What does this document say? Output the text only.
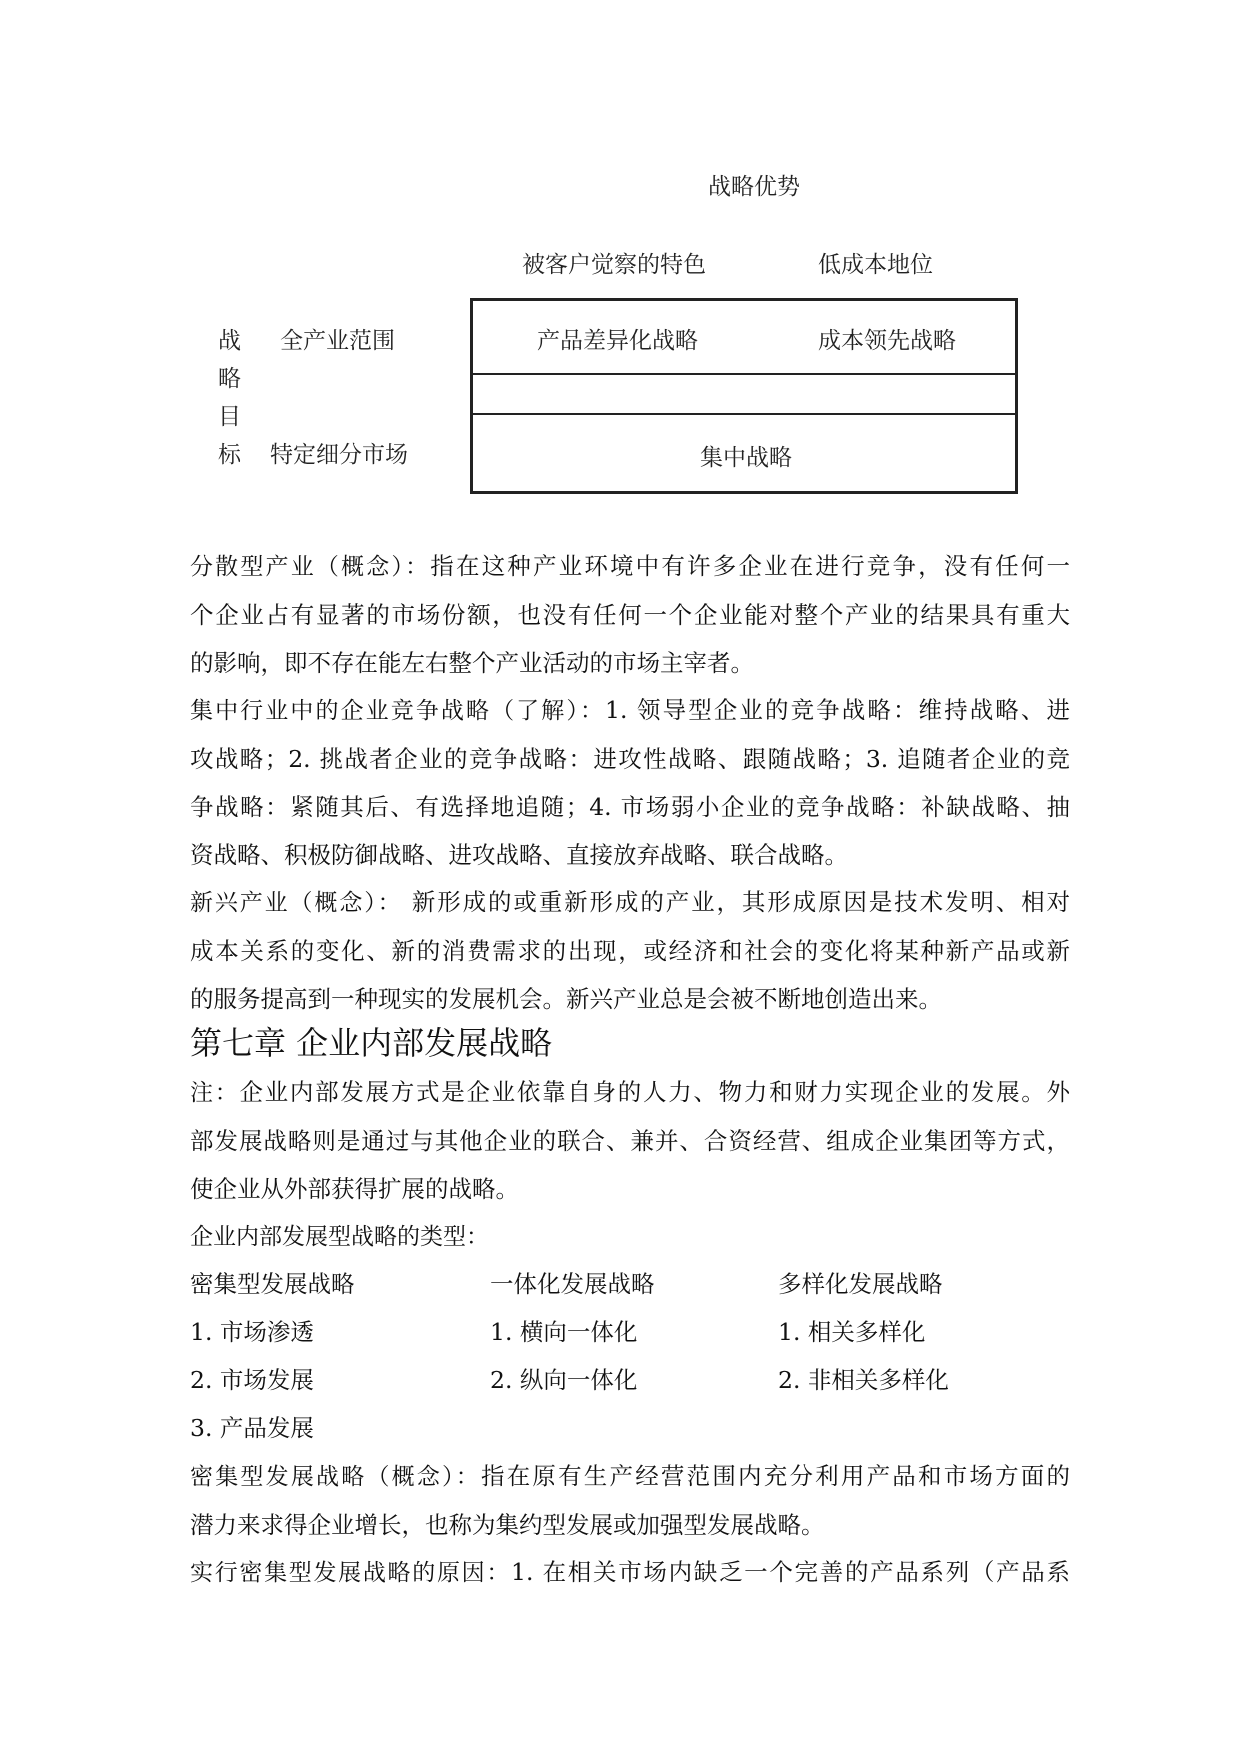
战略优势
被客户觉察的特色	低成本地位
战
略
目
标
全产业范围
特定细分市场
产品差异化战略	成本领先战略
集中战略
分散型产业（概念）：指在这种产业环境中有许多企业在进行竞争，没有任何一
个企业占有显著的市场份额，也没有任何一个企业能对整个产业的结果具有重大
的影响，即不存在能左右整个产业活动的市场主宰者。
集中行业中的企业竞争战略（了解）：1. 领导型企业的竞争战略：维持战略、进
攻战略；2. 挑战者企业的竞争战略：进攻性战略、跟随战略；3. 追随者企业的竞
争战略：紧随其后、有选择地追随；4. 市场弱小企业的竞争战略：补缺战略、抽
资战略、积极防御战略、进攻战略、直接放弃战略、联合战略。
新兴产业（概念）： 新形成的或重新形成的产业，其形成原因是技术发明、相对
成本关系的变化、新的消费需求的出现，或经济和社会的变化将某种新产品或新
的服务提高到一种现实的发展机会。新兴产业总是会被不断地创造出来。
第七章 企业内部发展战略
注：企业内部发展方式是企业依靠自身的人力、物力和财力实现企业的发展。外
部发展战略则是通过与其他企业的联合、兼并、合资经营、组成企业集团等方式，
使企业从外部获得扩展的战略。
企业内部发展型战略的类型：
密集型发展战略
1. 市场渗透
2. 市场发展
3. 产品发展
一体化发展战略
1. 横向一体化
2. 纵向一体化
多样化发展战略
1. 相关多样化
2. 非相关多样化
密集型发展战略（概念）：指在原有生产经营范围内充分利用产品和市场方面的
潜力来求得企业增长，也称为集约型发展或加强型发展战略。
实行密集型发展战略的原因：1. 在相关市场内缺乏一个完善的产品系列（产品系
